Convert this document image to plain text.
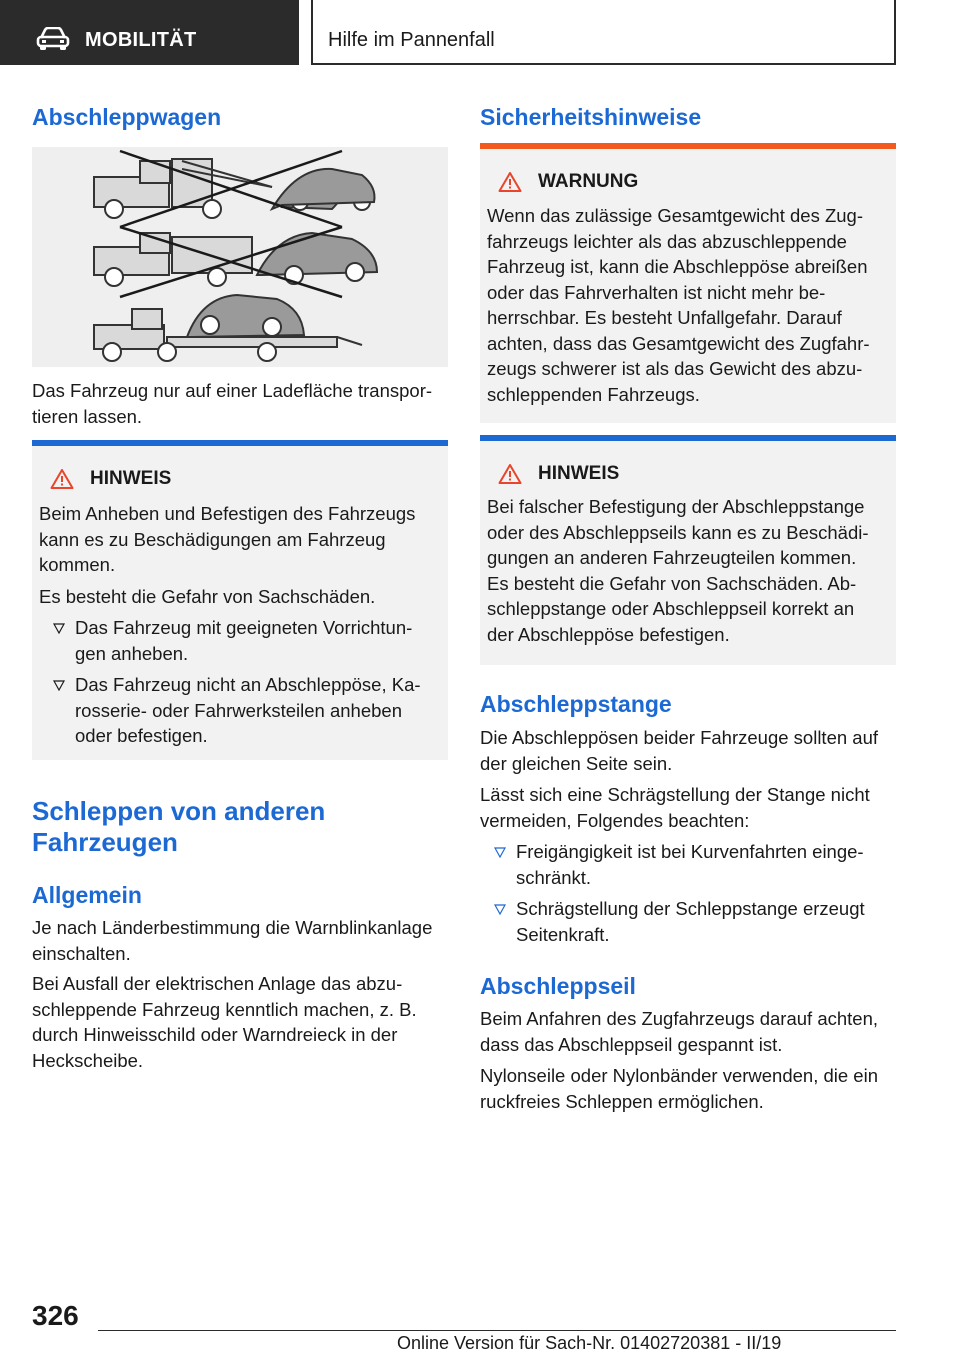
MOBILITÄT	Hilfe im Pannenfall
Abschleppwagen
Das Fahrzeug nur auf einer Ladefläche transpor‐
tieren lassen.
HINWEIS
Beim Anheben und Befestigen des Fahrzeugs
kann es zu Beschädigungen am Fahrzeug
kommen.
Es besteht die Gefahr von Sachschäden.
Das Fahrzeug mit geeigneten Vorrichtun‐
gen anheben.
Das Fahrzeug nicht an Abschleppöse, Ka‐
rosserie- oder Fahrwerksteilen anheben
oder befestigen.
Schleppen von anderen
Fahrzeugen
Allgemein
Je nach Länderbestimmung die Warnblinkanlage
einschalten.
Bei Ausfall der elektrischen Anlage das abzu‐
schleppende Fahrzeug kenntlich machen, z. B.
durch Hinweisschild oder Warndreieck in der
Heckscheibe.
Sicherheitshinweise
WARNUNG
Wenn das zulässige Gesamtgewicht des Zug‐
fahrzeugs leichter als das abzuschleppende
Fahrzeug ist, kann die Abschleppöse abreißen
oder das Fahrverhalten ist nicht mehr be‐
herrschbar. Es besteht Unfallgefahr. Darauf
achten, dass das Gesamtgewicht des Zugfahr‐
zeugs schwerer ist als das Gewicht des abzu‐
schleppenden Fahrzeugs.
HINWEIS
Bei falscher Befestigung der Abschleppstange
oder des Abschleppseils kann es zu Beschädi‐
gungen an anderen Fahrzeugteilen kommen.
Es besteht die Gefahr von Sachschäden. Ab‐
schleppstange oder Abschleppseil korrekt an
der Abschleppöse befestigen.
Abschleppstange
Die Abschleppösen beider Fahrzeuge sollten auf
der gleichen Seite sein.
Lässt sich eine Schrägstellung der Stange nicht
vermeiden, Folgendes beachten:
Freigängigkeit ist bei Kurvenfahrten einge‐
schränkt.
Schrägstellung der Schleppstange erzeugt
Seitenkraft.
Abschleppseil
Beim Anfahren des Zugfahrzeugs darauf achten,
dass das Abschleppseil gespannt ist.
Nylonseile oder Nylonbänder verwenden, die ein
ruckfreies Schleppen ermöglichen.
326
Online Version für Sach-Nr. 01402720381 - II/19
